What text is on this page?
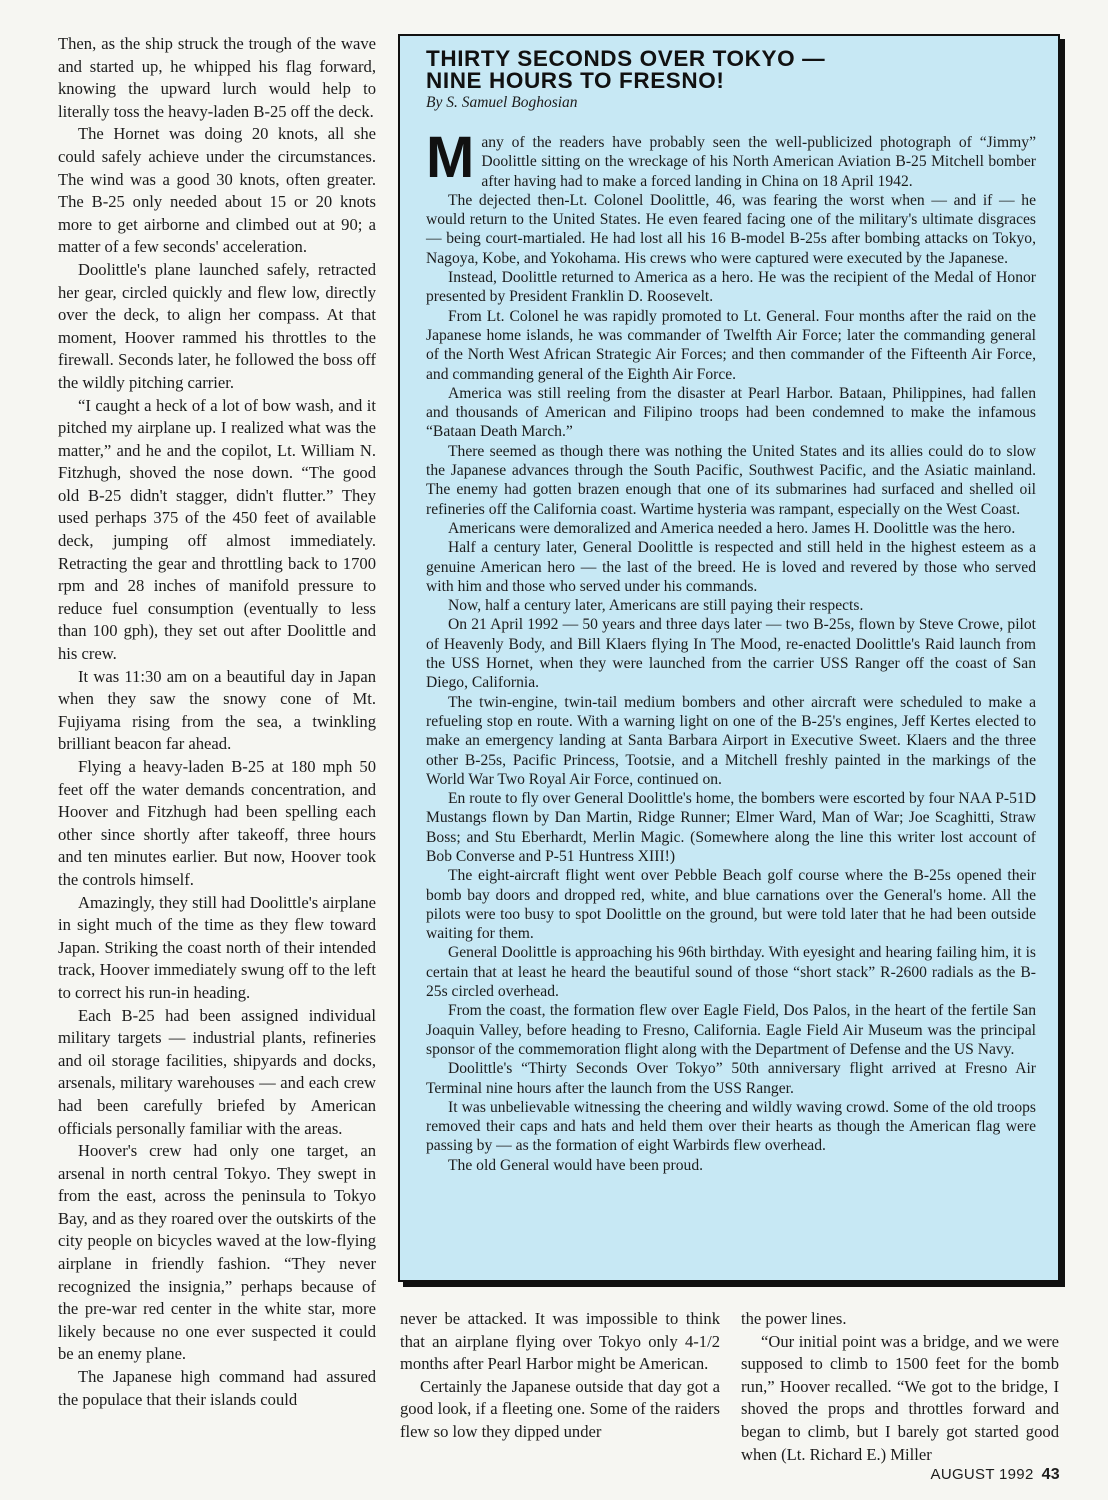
Then, as the ship struck the trough of the wave and started up, he whipped his flag forward, knowing the upward lurch would help to literally toss the heavy-laden B-25 off the deck.

The Hornet was doing 20 knots, all she could safely achieve under the circumstances. The wind was a good 30 knots, often greater. The B-25 only needed about 15 or 20 knots more to get airborne and climbed out at 90; a matter of a few seconds' acceleration.

Doolittle's plane launched safely, retracted her gear, circled quickly and flew low, directly over the deck, to align her compass. At that moment, Hoover rammed his throttles to the firewall. Seconds later, he followed the boss off the wildly pitching carrier.

“I caught a heck of a lot of bow wash, and it pitched my airplane up. I realized what was the matter,” and he and the copilot, Lt. William N. Fitzhugh, shoved the nose down. “The good old B-25 didn't stagger, didn't flutter.” They used perhaps 375 of the 450 feet of available deck, jumping off almost immediately. Retracting the gear and throttling back to 1700 rpm and 28 inches of manifold pressure to reduce fuel consumption (eventually to less than 100 gph), they set out after Doolittle and his crew.

It was 11:30 am on a beautiful day in Japan when they saw the snowy cone of Mt. Fujiyama rising from the sea, a twinkling brilliant beacon far ahead.

Flying a heavy-laden B-25 at 180 mph 50 feet off the water demands concentration, and Hoover and Fitzhugh had been spelling each other since shortly after takeoff, three hours and ten minutes earlier. But now, Hoover took the controls himself.

Amazingly, they still had Doolittle's airplane in sight much of the time as they flew toward Japan. Striking the coast north of their intended track, Hoover immediately swung off to the left to correct his run-in heading.

Each B-25 had been assigned individual military targets — industrial plants, refineries and oil storage facilities, shipyards and docks, arsenals, military warehouses — and each crew had been carefully briefed by American officials personally familiar with the areas.

Hoover's crew had only one target, an arsenal in north central Tokyo. They swept in from the east, across the peninsula to Tokyo Bay, and as they roared over the outskirts of the city people on bicycles waved at the low-flying airplane in friendly fashion. “They never recognized the insignia,” perhaps because of the pre-war red center in the white star, more likely because no one ever suspected it could be an enemy plane.

The Japanese high command had assured the populace that their islands could

THIRTY SECONDS OVER TOKYO —
NINE HOURS TO FRESNO!
By S. Samuel Boghosian

Many of the readers have probably seen the well-publicized photograph of “Jimmy” Doolittle sitting on the wreckage of his North American Aviation B-25 Mitchell bomber after having had to make a forced landing in China on 18 April 1942.

The dejected then-Lt. Colonel Doolittle, 46, was fearing the worst when — and if — he would return to the United States. He even feared facing one of the military's ultimate disgraces — being court-martialed. He had lost all his 16 B-model B-25s after bombing attacks on Tokyo, Nagoya, Kobe, and Yokohama. His crews who were captured were executed by the Japanese.

Instead, Doolittle returned to America as a hero. He was the recipient of the Medal of Honor presented by President Franklin D. Roosevelt.

From Lt. Colonel he was rapidly promoted to Lt. General. Four months after the raid on the Japanese home islands, he was commander of Twelfth Air Force; later the commanding general of the North West African Strategic Air Forces; and then commander of the Fifteenth Air Force, and commanding general of the Eighth Air Force.

America was still reeling from the disaster at Pearl Harbor. Bataan, Philippines, had fallen and thousands of American and Filipino troops had been condemned to make the infamous “Bataan Death March.”

There seemed as though there was nothing the United States and its allies could do to slow the Japanese advances through the South Pacific, Southwest Pacific, and the Asiatic mainland. The enemy had gotten brazen enough that one of its submarines had surfaced and shelled oil refineries off the California coast. Wartime hysteria was rampant, especially on the West Coast.

Americans were demoralized and America needed a hero. James H. Doolittle was the hero.

Half a century later, General Doolittle is respected and still held in the highest esteem as a genuine American hero — the last of the breed. He is loved and revered by those who served with him and those who served under his commands.

Now, half a century later, Americans are still paying their respects.

On 21 April 1992 — 50 years and three days later — two B-25s, flown by Steve Crowe, pilot of Heavenly Body, and Bill Klaers flying In The Mood, re-enacted Doolittle's Raid launch from the USS Hornet, when they were launched from the carrier USS Ranger off the coast of San Diego, California.

The twin-engine, twin-tail medium bombers and other aircraft were scheduled to make a refueling stop en route. With a warning light on one of the B-25's engines, Jeff Kertes elected to make an emergency landing at Santa Barbara Airport in Executive Sweet. Klaers and the three other B-25s, Pacific Princess, Tootsie, and a Mitchell freshly painted in the markings of the World War Two Royal Air Force, continued on.

En route to fly over General Doolittle's home, the bombers were escorted by four NAA P-51D Mustangs flown by Dan Martin, Ridge Runner; Elmer Ward, Man of War; Joe Scaghitti, Straw Boss; and Stu Eberhardt, Merlin Magic. (Somewhere along the line this writer lost account of Bob Converse and P-51 Huntress XIII!)

The eight-aircraft flight went over Pebble Beach golf course where the B-25s opened their bomb bay doors and dropped red, white, and blue carnations over the General's home. All the pilots were too busy to spot Doolittle on the ground, but were told later that he had been outside waiting for them.

General Doolittle is approaching his 96th birthday. With eyesight and hearing failing him, it is certain that at least he heard the beautiful sound of those “short stack” R-2600 radials as the B-25s circled overhead.

From the coast, the formation flew over Eagle Field, Dos Palos, in the heart of the fertile San Joaquin Valley, before heading to Fresno, California. Eagle Field Air Museum was the principal sponsor of the commemoration flight along with the Department of Defense and the US Navy.

Doolittle's “Thirty Seconds Over Tokyo” 50th anniversary flight arrived at Fresno Air Terminal nine hours after the launch from the USS Ranger.

It was unbelievable witnessing the cheering and wildly waving crowd. Some of the old troops removed their caps and hats and held them over their hearts as though the American flag were passing by — as the formation of eight Warbirds flew overhead.

The old General would have been proud.

never be attacked. It was impossible to think that an airplane flying over Tokyo only 4-1/2 months after Pearl Harbor might be American.

Certainly the Japanese outside that day got a good look, if a fleeting one. Some of the raiders flew so low they dipped under

the power lines.

“Our initial point was a bridge, and we were supposed to climb to 1500 feet for the bomb run,” Hoover recalled. “We got to the bridge, I shoved the props and throttles forward and began to climb, but I barely got started good when (Lt. Richard E.) Miller

AUGUST 1992 43
